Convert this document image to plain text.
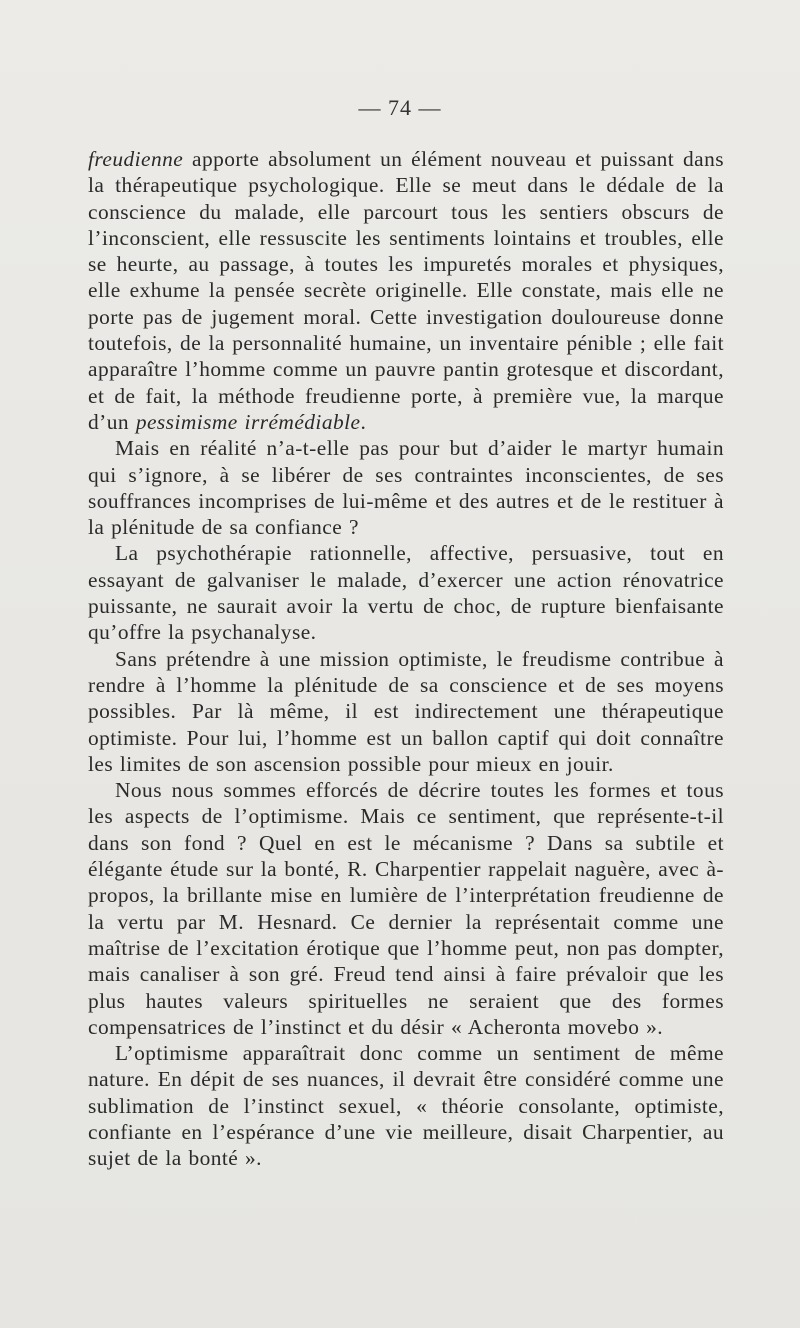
— 74 —

freudienne apporte absolument un élément nouveau et puissant dans la thérapeutique psychologique. Elle se meut dans le dédale de la conscience du malade, elle parcourt tous les sentiers obscurs de l’inconscient, elle ressuscite les sentiments lointains et troubles, elle se heurte, au passage, à toutes les impuretés morales et physiques, elle exhume la pensée secrète originelle. Elle constate, mais elle ne porte pas de jugement moral. Cette investigation douloureuse donne toutefois, de la personnalité humaine, un inventaire pénible ; elle fait apparaître l’homme comme un pauvre pantin grotesque et discordant, et de fait, la méthode freudienne porte, à première vue, la marque d’un pessimisme irrémédiable.

Mais en réalité n’a-t-elle pas pour but d’aider le martyr humain qui s’ignore, à se libérer de ses contraintes inconscientes, de ses souffrances incomprises de lui-même et des autres et de le restituer à la plénitude de sa confiance ?

La psychothérapie rationnelle, affective, persuasive, tout en essayant de galvaniser le malade, d’exercer une action rénovatrice puissante, ne saurait avoir la vertu de choc, de rupture bienfaisante qu’offre la psychanalyse.

Sans prétendre à une mission optimiste, le freudisme contribue à rendre à l’homme la plénitude de sa conscience et de ses moyens possibles. Par là même, il est indirectement une thérapeutique optimiste. Pour lui, l’homme est un ballon captif qui doit connaître les limites de son ascension possible pour mieux en jouir.

Nous nous sommes efforcés de décrire toutes les formes et tous les aspects de l’optimisme. Mais ce sentiment, que représente-t-il dans son fond ? Quel en est le mécanisme ? Dans sa subtile et élégante étude sur la bonté, R. Charpentier rappelait naguère, avec à-propos, la brillante mise en lumière de l’interprétation freudienne de la vertu par M. Hesnard. Ce dernier la représentait comme une maîtrise de l’excitation érotique que l’homme peut, non pas dompter, mais canaliser à son gré. Freud tend ainsi à faire prévaloir que les plus hautes valeurs spirituelles ne seraient que des formes compensatrices de l’instinct et du désir « Acheronta movebo ».

L’optimisme apparaîtrait donc comme un sentiment de même nature. En dépit de ses nuances, il devrait être considéré comme une sublimation de l’instinct sexuel, « théorie consolante, optimiste, confiante en l’espérance d’une vie meilleure, disait Charpentier, au sujet de la bonté ».
